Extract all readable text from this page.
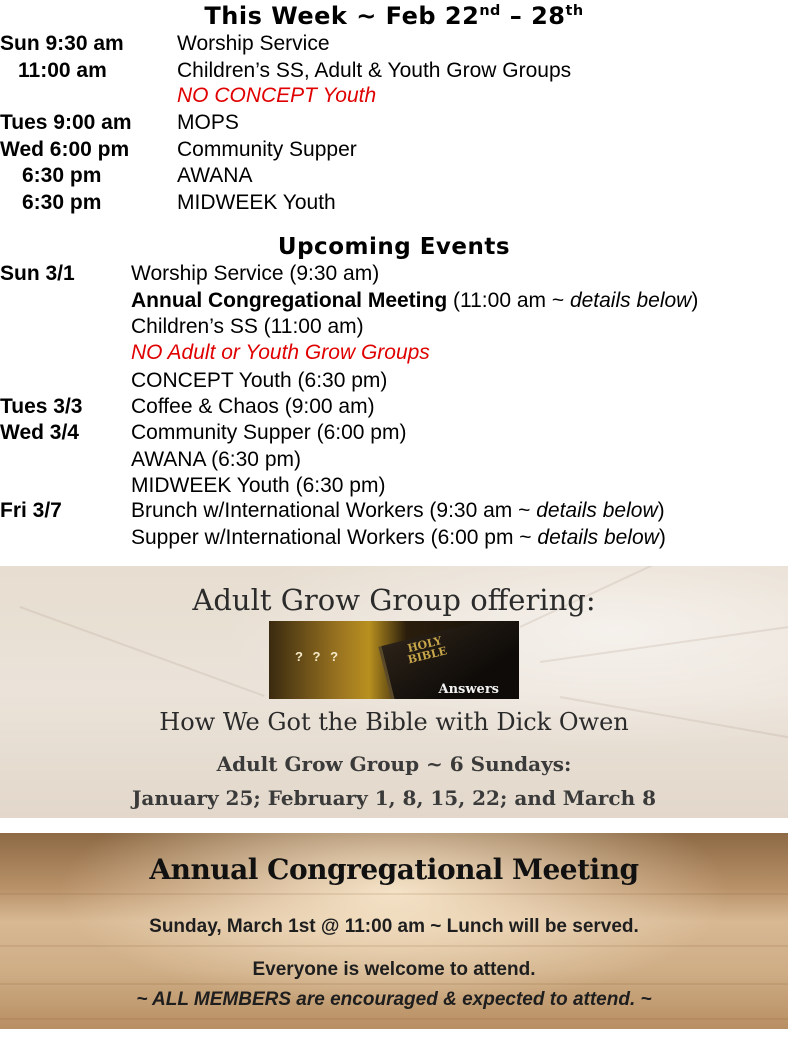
This Week ~ Feb 22nd – 28th
Sun 9:30 am	Worship Service
11:00 am	Children’s SS, Adult & Youth Grow Groups
NO CONCEPT Youth
Tues 9:00 am MOPS
Wed 6:00 pm Community Supper
6:30 pm	AWANA
6:30 pm	MIDWEEK Youth
Upcoming Events
Sun 3/1	Worship Service (9:30 am)
Annual Congregational Meeting (11:00 am ~ details below)
Children’s SS (11:00 am)
NO Adult or Youth Grow Groups
CONCEPT Youth (6:30 pm)
Tues 3/3 Coffee & Chaos (9:00 am)
Wed 3/4 Community Supper (6:00 pm)
AWANA (6:30 pm)
MIDWEEK Youth (6:30 pm)
Fri 3/7	Brunch w/International Workers (9:30 am ~ details below)
Supper w/International Workers (6:00 pm ~ details below)
Adult Grow Group offering:
? ? ?
HOLY BIBLE
Answers
How We Got the Bible with Dick Owen
Adult Grow Group ~ 6 Sundays:
January 25; February 1, 8, 15, 22; and March 8
Annual Congregational Meeting
Sunday, March 1st @ 11:00 am ~ Lunch will be served.
Everyone is welcome to attend.
~ ALL MEMBERS are encouraged & expected to attend. ~
